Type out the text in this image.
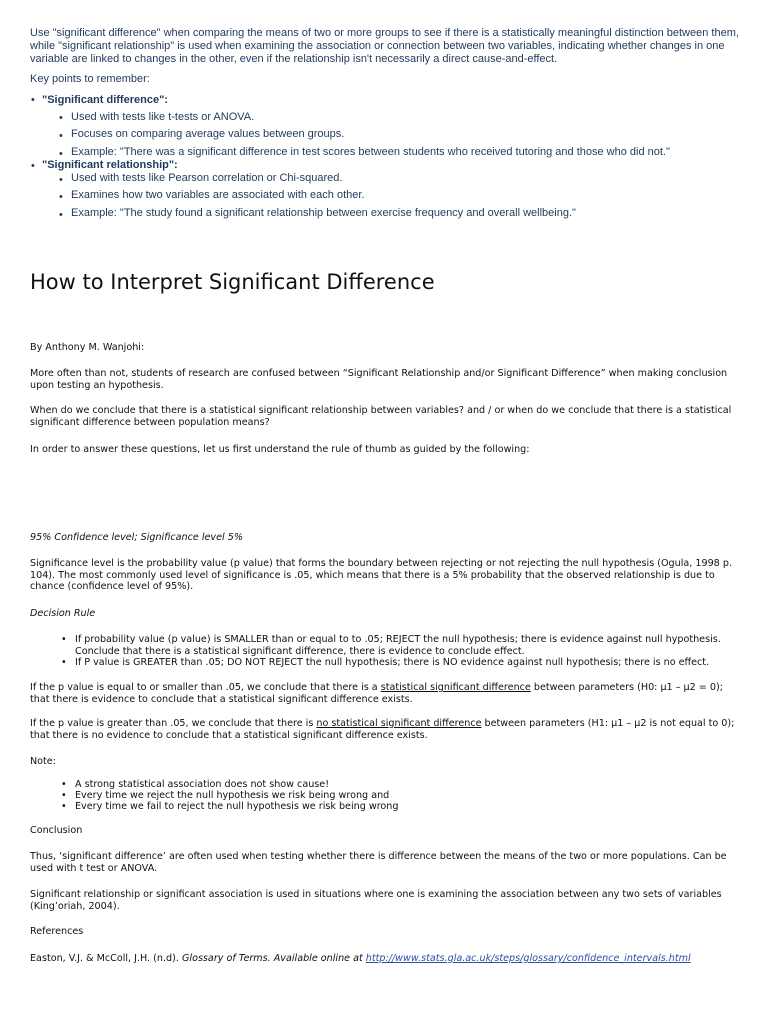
Use "significant difference" when comparing the means of two or more groups to see if there is a statistically meaningful distinction between them, while "significant relationship" is used when examining the association or connection between two variables, indicating whether changes in one variable are linked to changes in the other, even if the relationship isn't necessarily a direct cause-and-effect.

Key points to remember:

• "Significant difference":
• Used with tests like t-tests or ANOVA.
• Focuses on comparing average values between groups.
• Example: "There was a significant difference in test scores between students who received tutoring and those who did not."
• "Significant relationship":
• Used with tests like Pearson correlation or Chi-squared.
• Examines how two variables are associated with each other.
• Example: "The study found a significant relationship between exercise frequency and overall wellbeing."
How to Interpret Significant Difference
By Anthony M. Wanjohi:
More often than not, students of research are confused between “Significant Relationship and/or Significant Difference” when making conclusion upon testing an hypothesis.
When do we conclude that there is a statistical significant relationship between variables? and / or when do we conclude that there is a statistical significant difference between population means?
In order to answer these questions, let us first understand the rule of thumb as guided by the following:
95% Confidence level; Significance level 5%
Significance level is the probability value (p value) that forms the boundary between rejecting or not rejecting the null hypothesis (Ogula, 1998 p. 104). The most commonly used level of significance is .05, which means that there is a 5% probability that the observed relationship is due to chance (confidence level of 95%).
Decision Rule
• If probability value (p value) is SMALLER than or equal to to .05; REJECT the null hypothesis; there is evidence against null hypothesis. Conclude that there is a statistical significant difference, there is evidence to conclude effect.
• If P value is GREATER than .05; DO NOT REJECT the null hypothesis; there is NO evidence against null hypothesis; there is no effect.
If the p value is equal to or smaller than .05, we conclude that there is a statistical significant difference between parameters (H0: µ1 – µ2 = 0); that there is evidence to conclude that a statistical significant difference exists.
If the p value is greater than .05, we conclude that there is no statistical significant difference between parameters (H1: µ1 – µ2 is not equal to 0); that there is no evidence to conclude that a statistical significant difference exists.
Note:
• A strong statistical association does not show cause!
• Every time we reject the null hypothesis we risk being wrong and
• Every time we fail to reject the null hypothesis we risk being wrong
Conclusion
Thus, ‘significant difference’ are often used when testing whether there is difference between the means of the two or more populations. Can be used with t test or ANOVA.
Significant relationship or significant association is used in situations where one is examining the association between any two sets of variables (King’oriah, 2004).
References
Easton, V.J. & McColl, J.H. (n.d). Glossary of Terms. Available online at http://www.stats.gla.ac.uk/steps/glossary/confidence_intervals.html
